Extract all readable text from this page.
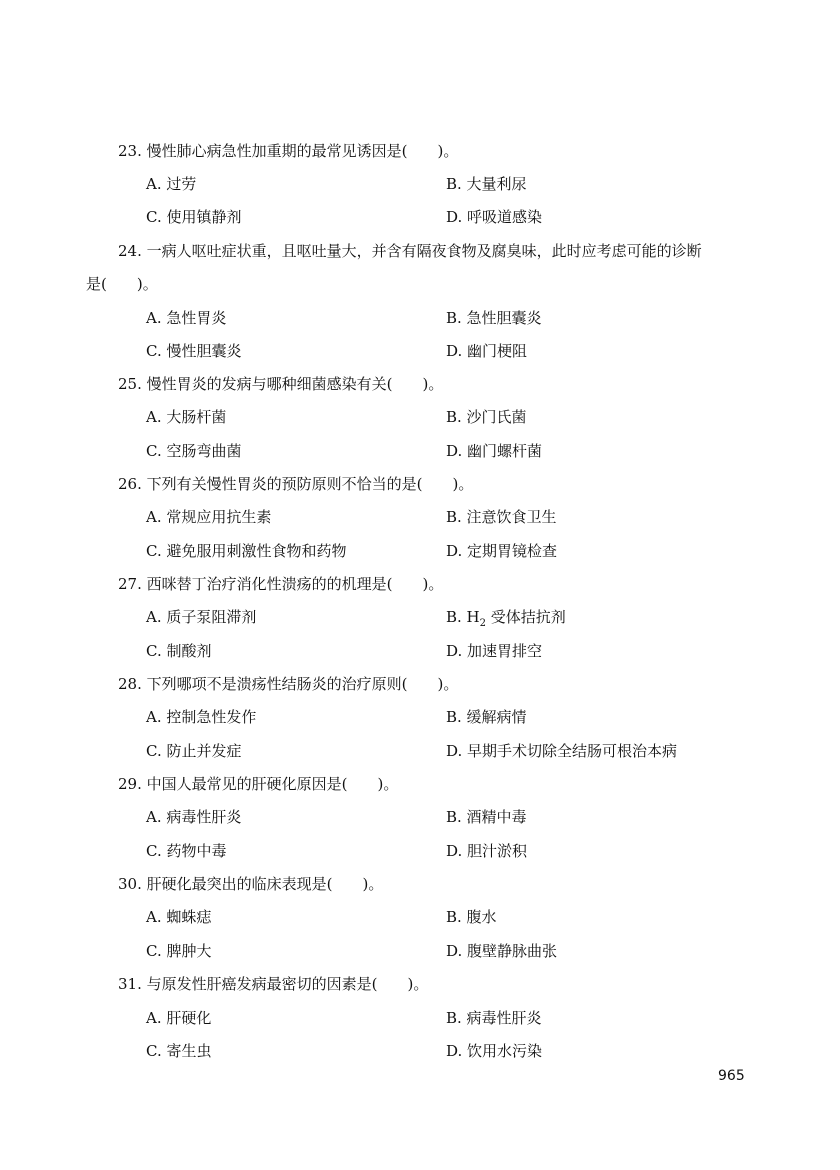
23. 慢性肺心病急性加重期的最常见诱因是(　　)。
A. 过劳	B. 大量利尿
C. 使用镇静剂	D. 呼吸道感染
24. 一病人呕吐症状重，且呕吐量大，并含有隔夜食物及腐臭味，此时应考虑可能的诊断
是(　　)。
A. 急性胃炎	B. 急性胆囊炎
C. 慢性胆囊炎	D. 幽门梗阻
25. 慢性胃炎的发病与哪种细菌感染有关(　　)。
A. 大肠杆菌	B. 沙门氏菌
C. 空肠弯曲菌	D. 幽门螺杆菌
26. 下列有关慢性胃炎的预防原则不恰当的是(　　)。
A. 常规应用抗生素	B. 注意饮食卫生
C. 避免服用刺激性食物和药物	D. 定期胃镜检查
27. 西咪替丁治疗消化性溃疡的的机理是(　　)。
A. 质子泵阻滞剂	B. $H_2$ 受体拮抗剂
C. 制酸剂	D. 加速胃排空
28. 下列哪项不是溃疡性结肠炎的治疗原则(　　)。
A. 控制急性发作	B. 缓解病情
C. 防止并发症	D. 早期手术切除全结肠可根治本病
29. 中国人最常见的肝硬化原因是(　　)。
A. 病毒性肝炎	B. 酒精中毒
C. 药物中毒	D. 胆汁淤积
30. 肝硬化最突出的临床表现是(　　)。
A. 蜘蛛痣	B. 腹水
C. 脾肿大	D. 腹壁静脉曲张
31. 与原发性肝癌发病最密切的因素是(　　)。
A. 肝硬化	B. 病毒性肝炎
C. 寄生虫	D. 饮用水污染
965
